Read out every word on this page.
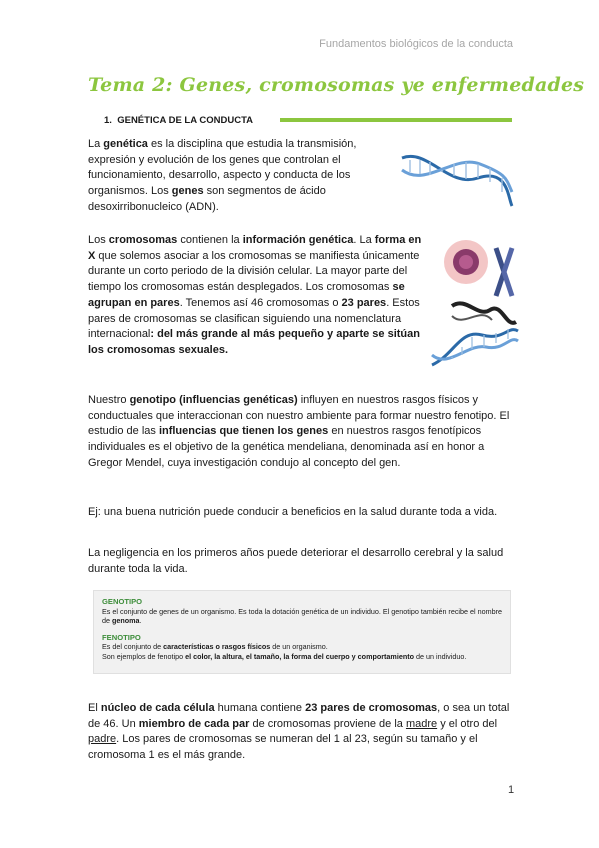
Fundamentos biológicos de la conducta
Tema 2: Genes, cromosomas ye enfermedades
1. GENÉTICA DE LA CONDUCTA
La genética es la disciplina que estudia la transmisión, expresión y evolución de los genes que controlan el funcionamiento, desarrollo, aspecto y conducta de los organismos. Los genes son segmentos de ácido desoxirribonucleico (ADN).
Los cromosomas contienen la información genética. La forma en X que solemos asociar a los cromosomas se manifiesta únicamente durante un corto periodo de la división celular. La mayor parte del tiempo los cromosomas están desplegados. Los cromosomas se agrupan en pares. Tenemos así 46 cromosomas o 23 pares. Estos pares de cromosomas se clasifican siguiendo una nomenclatura internacional: del más grande al más pequeño y aparte se sitúan los cromosomas sexuales.
Nuestro genotipo (influencias genéticas) influyen en nuestros rasgos físicos y conductuales que interaccionan con nuestro ambiente para formar nuestro fenotipo. El estudio de las influencias que tienen los genes en nuestros rasgos fenotípicos individuales es el objetivo de la genética mendeliana, denominada así en honor a Gregor Mendel, cuya investigación condujo al concepto del gen.
Ej: una buena nutrición puede conducir a beneficios en la salud durante toda a vida.
La negligencia en los primeros años puede deteriorar el desarrollo cerebral y la salud durante toda la vida.
GENOTIPO
Es el conjunto de genes de un organismo. Es toda la dotación genética de un individuo. El genotipo también recibe el nombre de genoma.
FENOTIPO
Es del conjunto de características o rasgos físicos de un organismo.
Son ejemplos de fenotipo el color, la altura, el tamaño, la forma del cuerpo y comportamiento de un individuo.
El núcleo de cada célula humana contiene 23 pares de cromosomas, o sea un total de 46. Un miembro de cada par de cromosomas proviene de la madre y el otro del padre. Los pares de cromosomas se numeran del 1 al 23, según su tamaño y el cromosoma 1 es el más grande.
1
